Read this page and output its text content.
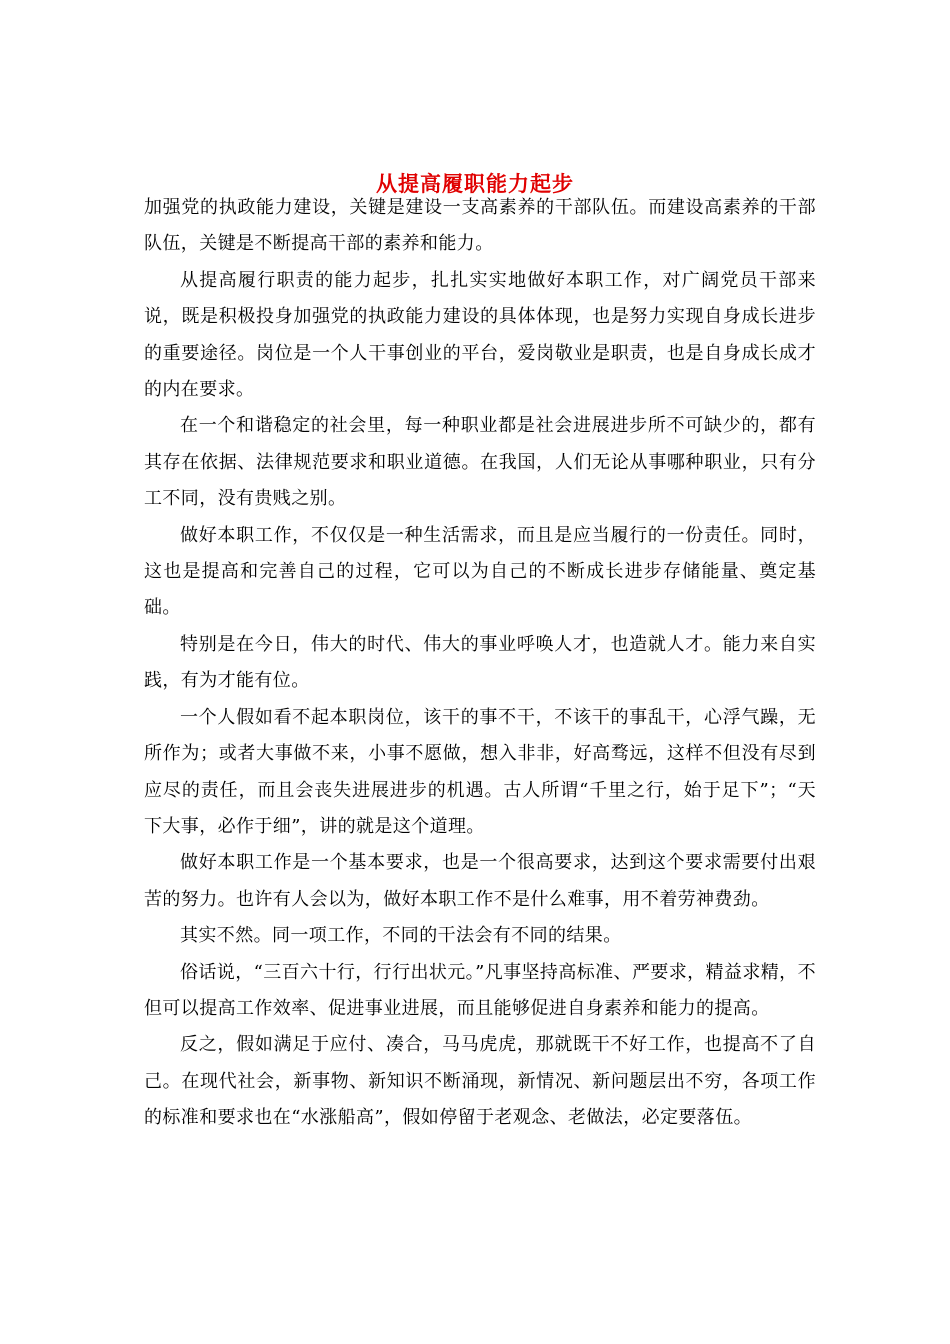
从提高履职能力起步

加强党的执政能力建设，关键是建设一支高素养的干部队伍。而建设高素养的干部队伍，关键是不断提高干部的素养和能力。

从提高履行职责的能力起步，扎扎实实地做好本职工作，对广阔党员干部来说，既是积极投身加强党的执政能力建设的具体体现，也是努力实现自身成长进步的重要途径。岗位是一个人干事创业的平台，爱岗敬业是职责，也是自身成长成才的内在要求。

在一个和谐稳定的社会里，每一种职业都是社会进展进步所不可缺少的，都有其存在依据、法律规范要求和职业道德。在我国，人们无论从事哪种职业，只有分工不同，没有贵贱之别。

做好本职工作，不仅仅是一种生活需求，而且是应当履行的一份责任。同时，这也是提高和完善自己的过程，它可以为自己的不断成长进步存储能量、奠定基础。

特别是在今日，伟大的时代、伟大的事业呼唤人才，也造就人才。能力来自实践，有为才能有位。

一个人假如看不起本职岗位，该干的事不干，不该干的事乱干，心浮气躁，无所作为；或者大事做不来，小事不愿做，想入非非，好高骛远，这样不但没有尽到应尽的责任，而且会丧失进展进步的机遇。古人所谓“千里之行，始于足下”；“天下大事，必作于细”，讲的就是这个道理。

做好本职工作是一个基本要求，也是一个很高要求，达到这个要求需要付出艰苦的努力。也许有人会以为，做好本职工作不是什么难事，用不着劳神费劲。

其实不然。同一项工作，不同的干法会有不同的结果。

俗话说，“三百六十行，行行出状元。”凡事坚持高标准、严要求，精益求精，不但可以提高工作效率、促进事业进展，而且能够促进自身素养和能力的提高。

反之，假如满足于应付、凑合，马马虎虎，那就既干不好工作，也提高不了自己。在现代社会，新事物、新知识不断涌现，新情况、新问题层出不穷，各项工作的标准和要求也在“水涨船高”，假如停留于老观念、老做法，必定要落伍。
